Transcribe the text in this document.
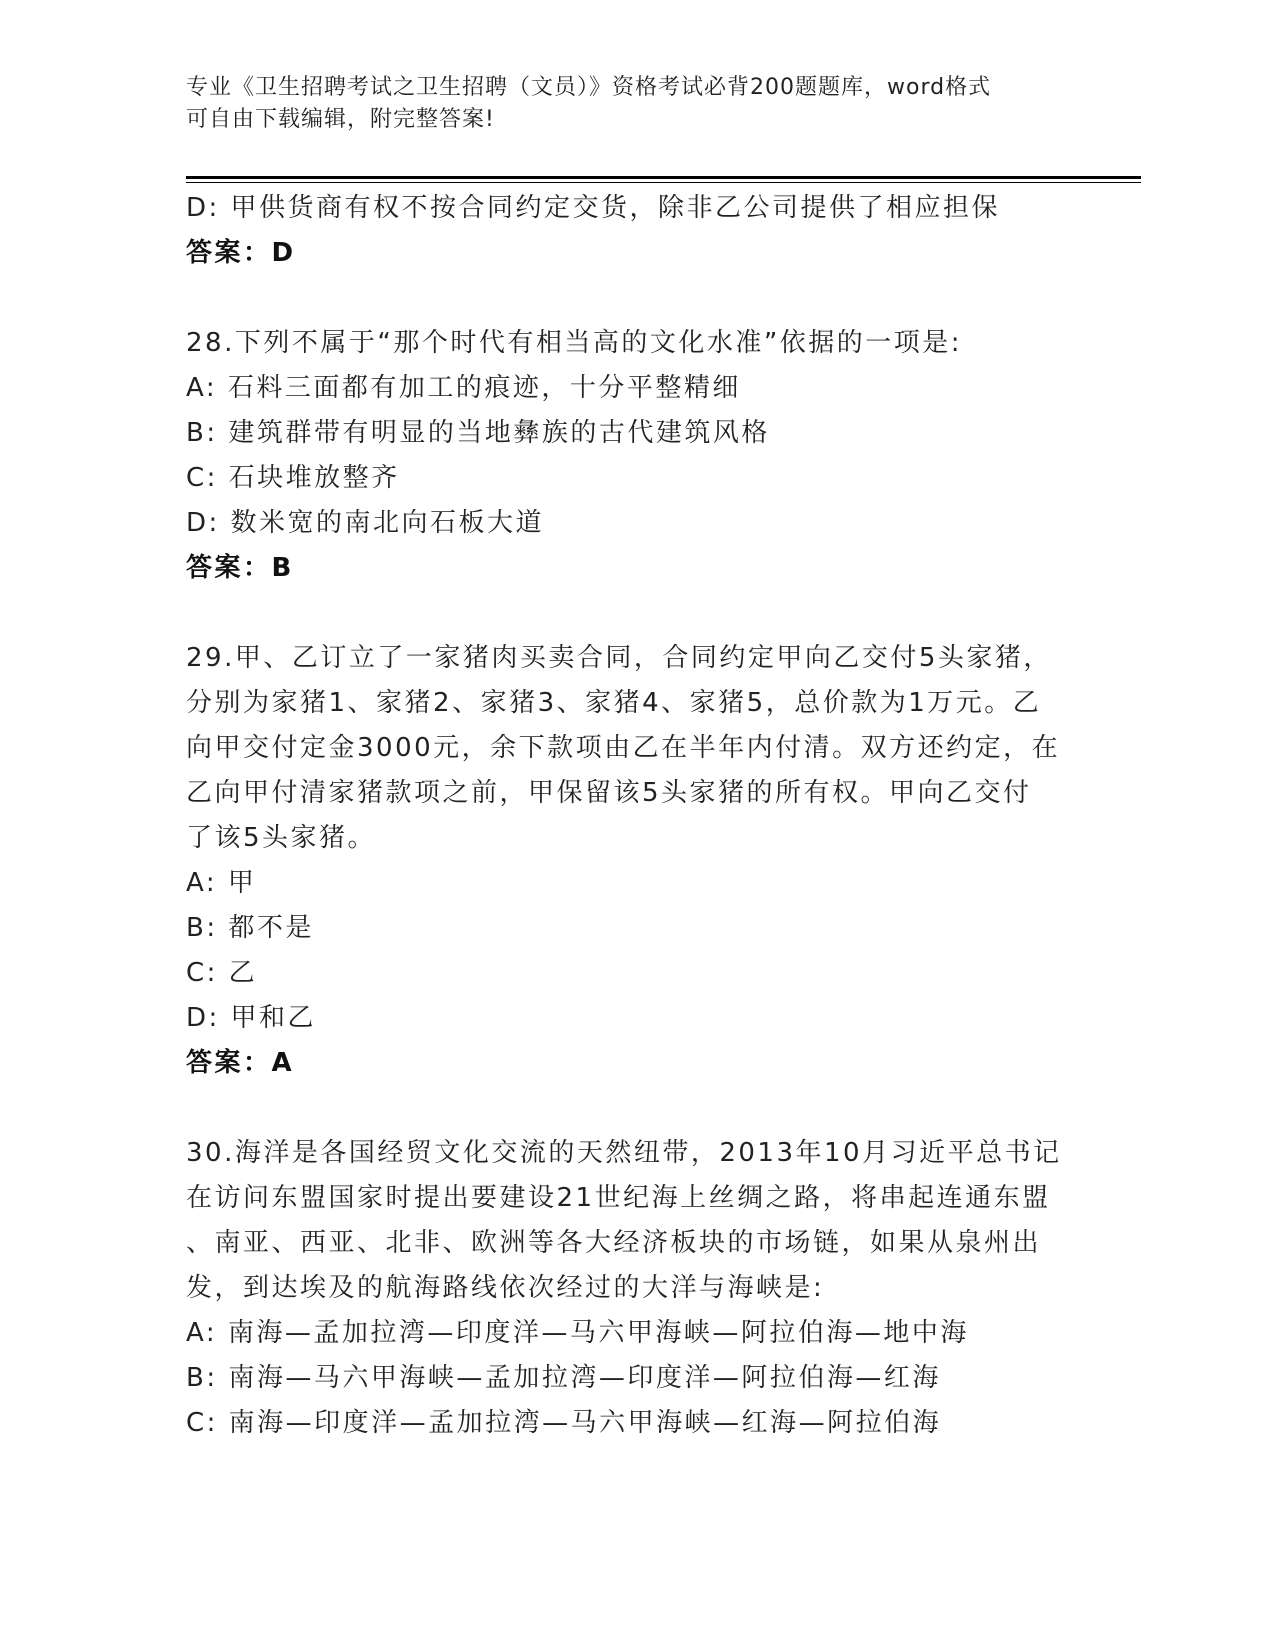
专业《卫生招聘考试之卫生招聘（文员）》资格考试必背200题题库，word格式
可自由下载编辑，附完整答案!
D: 甲供货商有权不按合同约定交货，除非乙公司提供了相应担保
答案：D
28.下列不属于“那个时代有相当高的文化水准”依据的一项是:
A: 石料三面都有加工的痕迹，十分平整精细
B: 建筑群带有明显的当地彝族的古代建筑风格
C: 石块堆放整齐
D: 数米宽的南北向石板大道
答案：B
29.甲、乙订立了一家猪肉买卖合同，合同约定甲向乙交付5头家猪，
分别为家猪1、家猪2、家猪3、家猪4、家猪5，总价款为1万元。乙
向甲交付定金3000元，余下款项由乙在半年内付清。双方还约定，在
乙向甲付清家猪款项之前，甲保留该5头家猪的所有权。甲向乙交付
了该5头家猪。
A: 甲
B: 都不是
C: 乙
D: 甲和乙
答案：A
30.海洋是各国经贸文化交流的天然纽带，2013年10月习近平总书记
在访问东盟国家时提出要建设21世纪海上丝绸之路，将串起连通东盟
、南亚、西亚、北非、欧洲等各大经济板块的市场链，如果从泉州出
发，到达埃及的航海路线依次经过的大洋与海峡是:
A: 南海—孟加拉湾—印度洋—马六甲海峡—阿拉伯海—地中海
B: 南海—马六甲海峡—孟加拉湾—印度洋—阿拉伯海—红海
C: 南海—印度洋—孟加拉湾—马六甲海峡—红海—阿拉伯海
